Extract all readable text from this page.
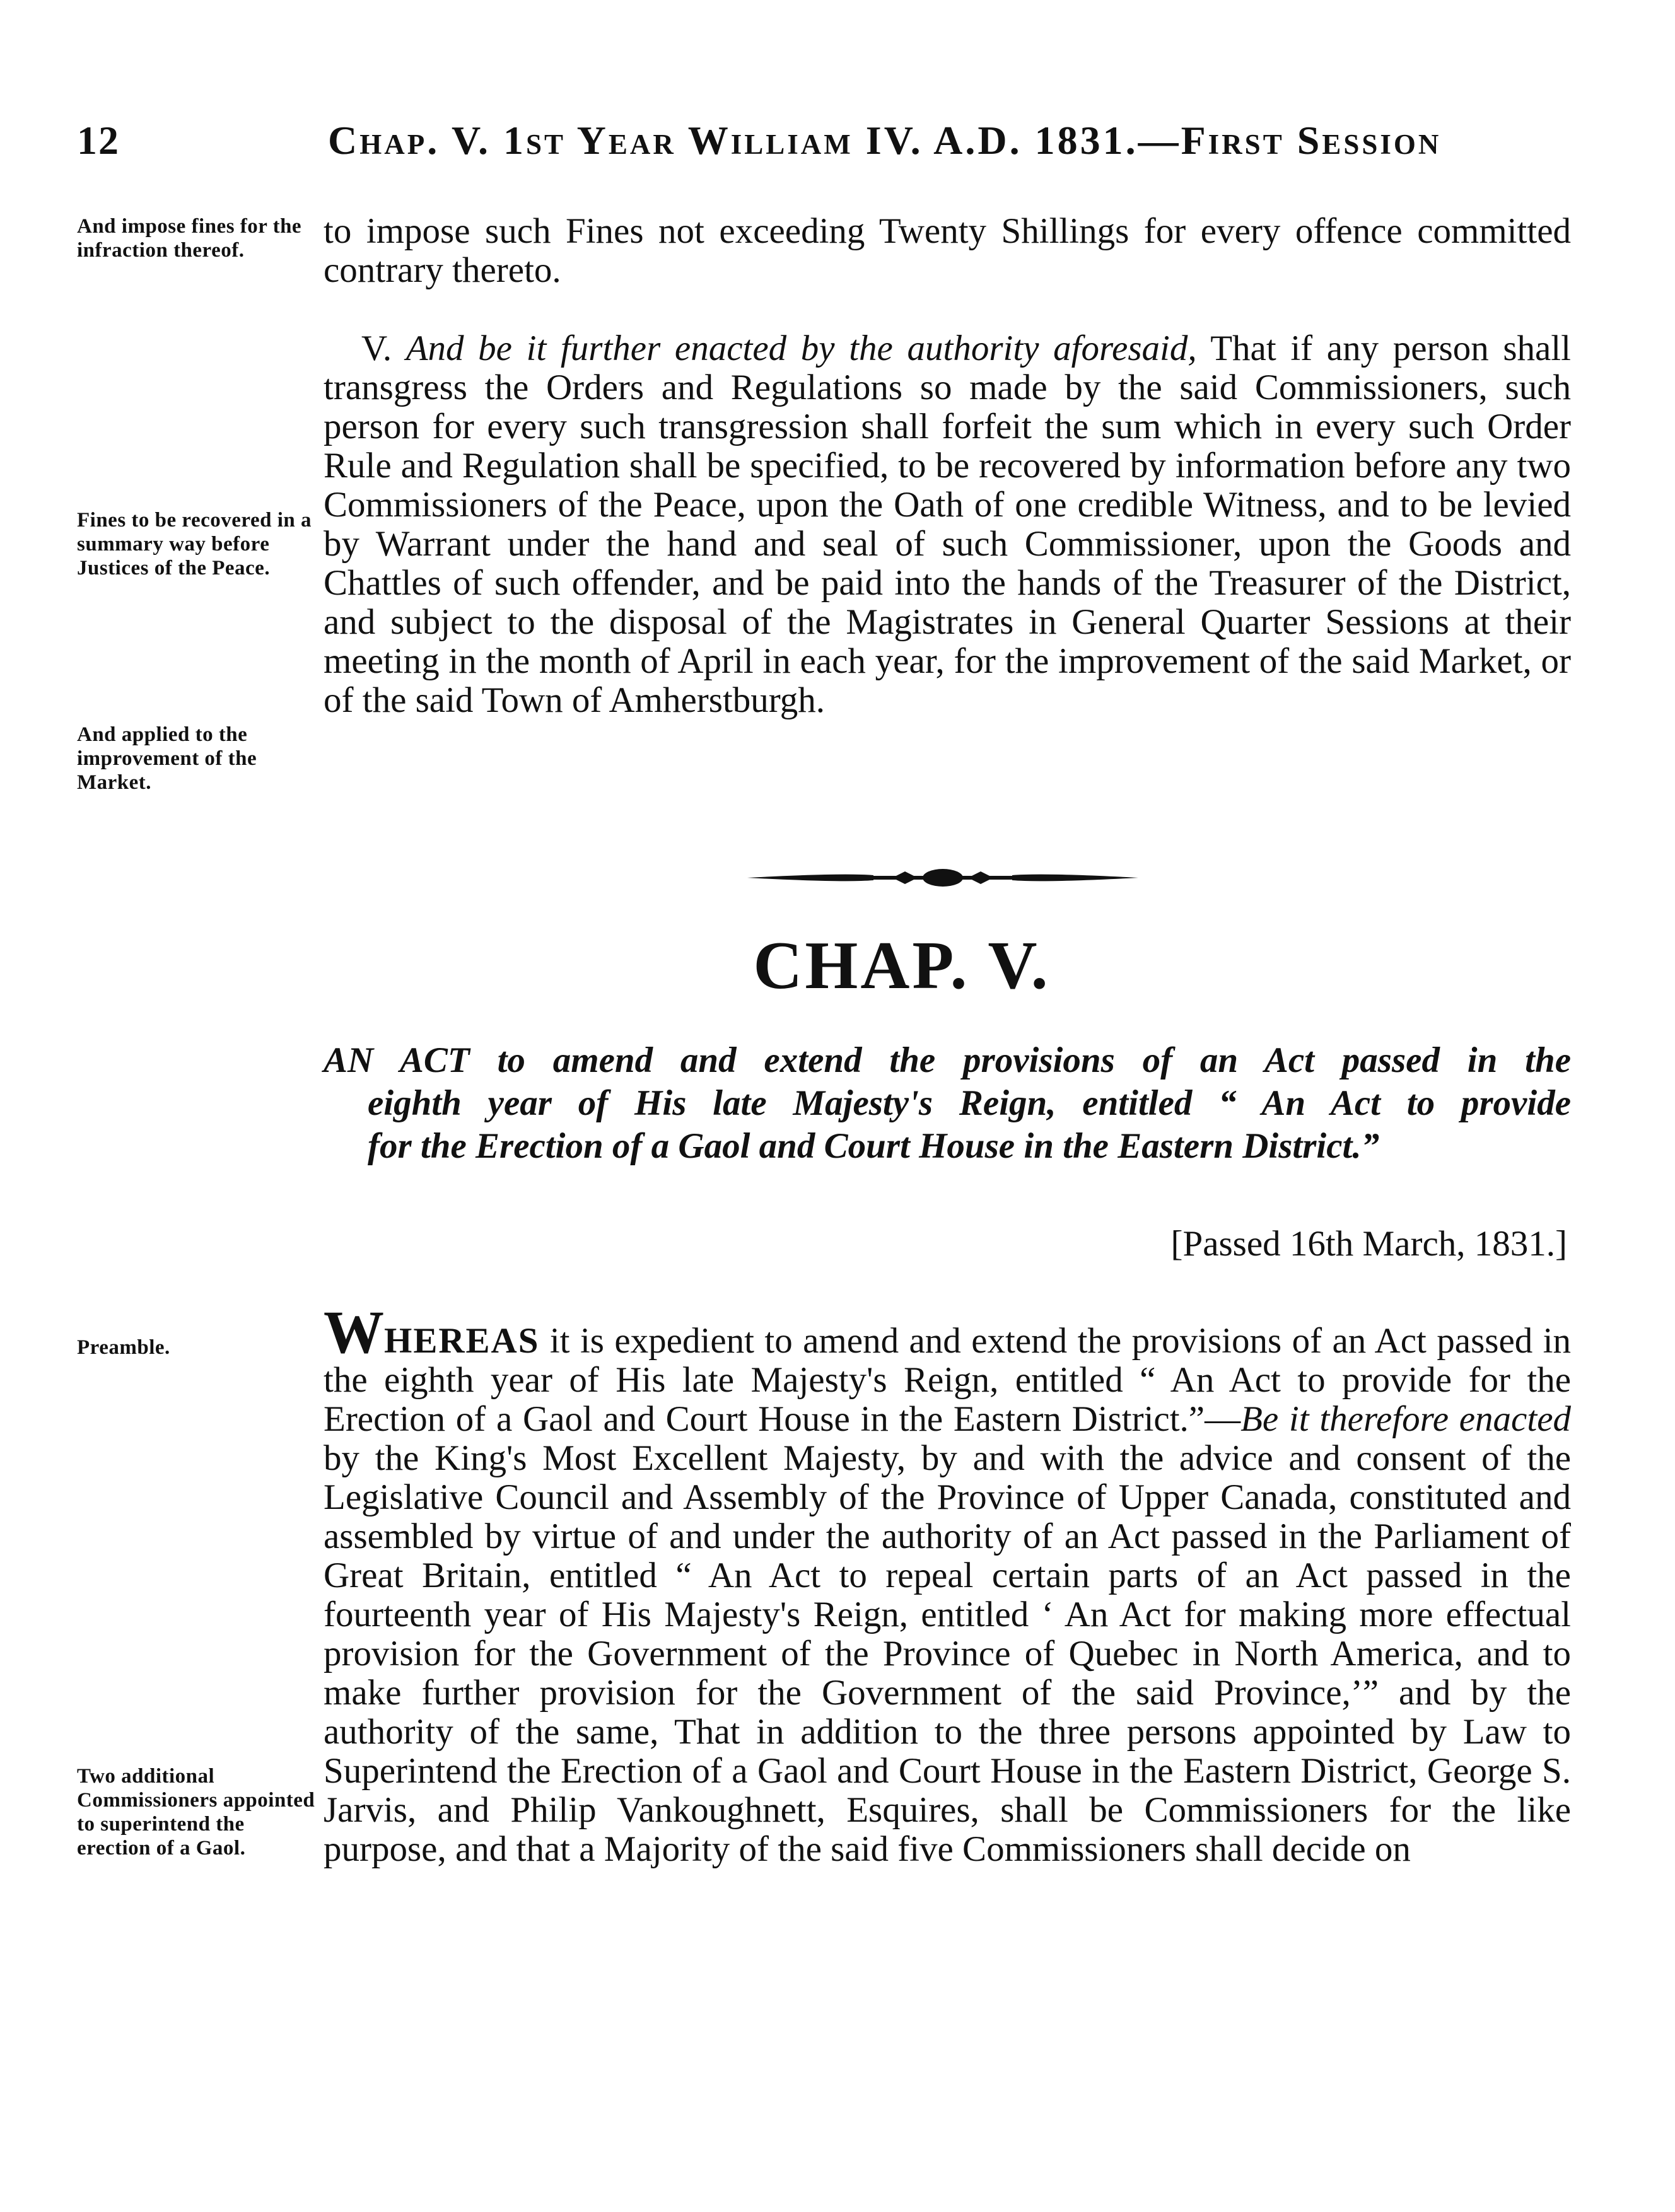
12	Chap. V. 1st Year William IV. A.D. 1831.—First Session
And impose fines for the infraction thereof.	to impose such Fines not exceeding Twenty Shillings for every offence committed contrary thereto.

Fines to be recovered in a summary way before Justices of the Peace.
And applied to the improvement of the Market.

V. And be it further enacted by the authority aforesaid, That if any person shall transgress the Orders and Regulations so made by the said Commissioners, such person for every such transgression shall forfeit the sum which in every such Order Rule and Regulation shall be specified, to be recovered by information before any two Commissioners of the Peace, upon the Oath of one credible Witness, and to be levied by Warrant under the hand and seal of such Commissioner, upon the Goods and Chattles of such offender, and be paid into the hands of the Treasurer of the District, and subject to the disposal of the Magistrates in General Quarter Sessions at their meeting in the month of April in each year, for the improvement of the said Market, or of the said Town of Amherstburgh.

CHAP. V.
AN ACT to amend and extend the provisions of an Act passed in the
eighth year of His late Majesty's Reign, entitled “ An Act to provide
for the Erection of a Gaol and Court House in the Eastern District.”
[Passed 16th March, 1831.]
Preamble.
Two additional Commissioners appointed to superintend the erection of a Gaol.

WHEREAS it is expedient to amend and extend the provisions of an Act passed in the eighth year of His late Majesty's Reign, entitled “ An Act to provide for the Erection of a Gaol and Court House in the Eastern District.”—Be it therefore enacted by the King's Most Excellent Majesty, by and with the advice and consent of the Legislative Council and Assembly of the Province of Upper Canada, constituted and assembled by virtue of and under the authority of an Act passed in the Parliament of Great Britain, entitled “ An Act to repeal certain parts of an Act passed in the fourteenth year of His Majesty's Reign, entitled ‘ An Act for making more effectual provision for the Government of the Province of Quebec in North America, and to make further provision for the Government of the said Province,’” and by the authority of the same, That in addition to the three persons appointed by Law to Superintend the Erection of a Gaol and Court House in the Eastern District, George S. Jarvis, and Philip Vankoughnett, Esquires, shall be Commissioners for the like purpose, and that a Majority of the said five Commissioners shall decide on
